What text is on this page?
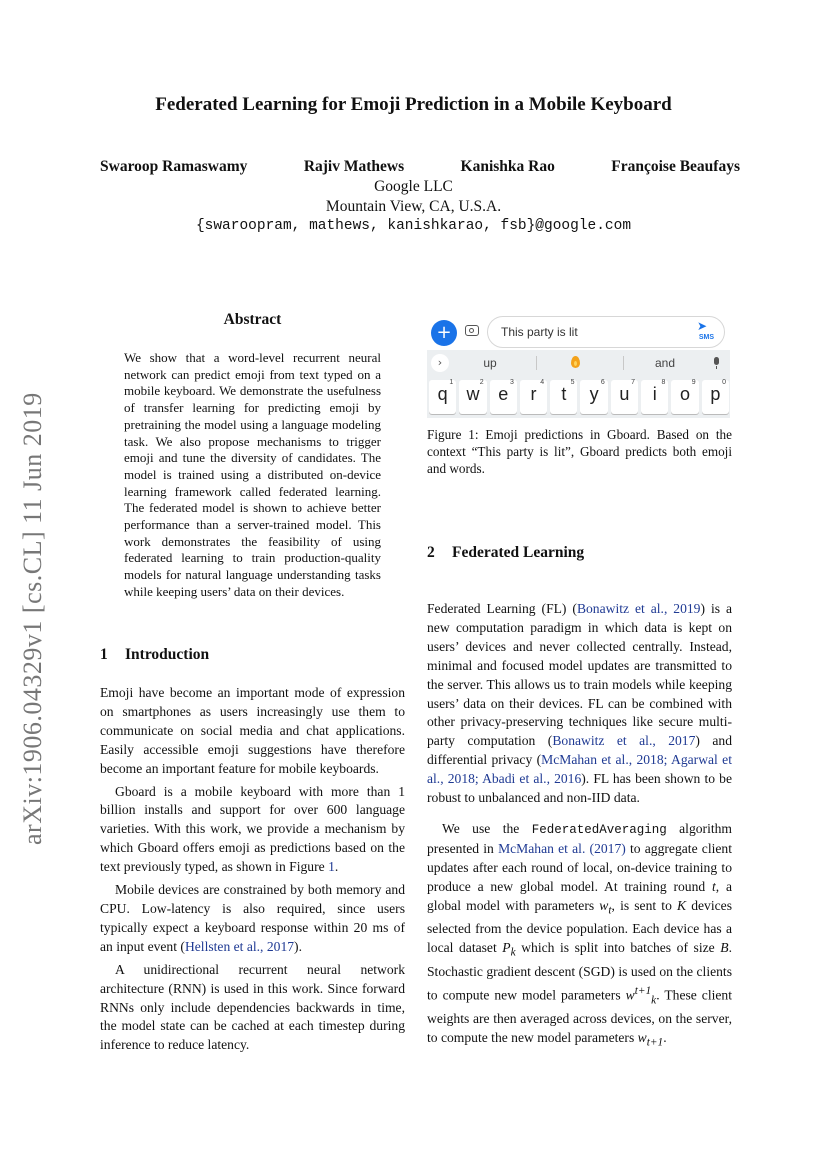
Federated Learning for Emoji Prediction in a Mobile Keyboard
Swaroop Ramaswamy	Rajiv Mathews	Kanishka Rao	Françoise Beaufays
Google LLC
Mountain View, CA, U.S.A.
{swaroopram, mathews, kanishkarao, fsb}@google.com
arXiv:1906.04329v1 [cs.CL] 11 Jun 2019
Abstract
We show that a word-level recurrent neural network can predict emoji from text typed on a mobile keyboard. We demonstrate the usefulness of transfer learning for predicting emoji by pretraining the model using a language modeling task. We also propose mechanisms to trigger emoji and tune the diversity of candidates. The model is trained using a distributed on-device learning framework called federated learning. The federated model is shown to achieve better performance than a server-trained model. This work demonstrates the feasibility of using federated learning to train production-quality models for natural language understanding tasks while keeping users’ data on their devices.
1 Introduction

Emoji have become an important mode of expression on smartphones as users increasingly use them to communicate on social media and chat applications. Easily accessible emoji suggestions have therefore become an important feature for mobile keyboards.

Gboard is a mobile keyboard with more than 1 billion installs and support for over 600 language varieties. With this work, we provide a mechanism by which Gboard offers emoji as predictions based on the text previously typed, as shown in Figure 1.

Mobile devices are constrained by both memory and CPU. Low-latency is also required, since users typically expect a keyboard response within 20 ms of an input event (Hellsten et al., 2017).

A unidirectional recurrent neural network architecture (RNN) is used in this work. Since forward RNNs only include dependencies backwards in time, the model state can be cached at each timestep during inference to reduce latency.

+	This party is lit	➤
SMS
›	up	and
q
1
w
2
e
3
r
4
t
5
y
6
u
7
i
8
o
9
p
0
Figure 1: Emoji predictions in Gboard. Based on the context “This party is lit”, Gboard predicts both emoji and words.
2 Federated Learning

Federated Learning (FL) (Bonawitz et al., 2019) is a new computation paradigm in which data is kept on users’ devices and never collected centrally. Instead, minimal and focused model updates are transmitted to the server. This allows us to train models while keeping users’ data on their devices. FL can be combined with other privacy-preserving techniques like secure multi-party computation (Bonawitz et al., 2017) and differential privacy (McMahan et al., 2018; Agarwal et al., 2018; Abadi et al., 2016). FL has been shown to be robust to unbalanced and non-IID data.

We use the FederatedAveraging algorithm presented in McMahan et al. (2017) to aggregate client updates after each round of local, on-device training to produce a new global model. At training round t, a global model with parameters $w_t$, is sent to K devices selected from the device population. Each device has a local dataset $P_k$ which is split into batches of size B. Stochastic gradient descent (SGD) is used on the clients to compute new model parameters $w^{t+1}_k$. These client weights are then averaged across devices, on the server, to compute the new model parameters $w_{t+1}$.
